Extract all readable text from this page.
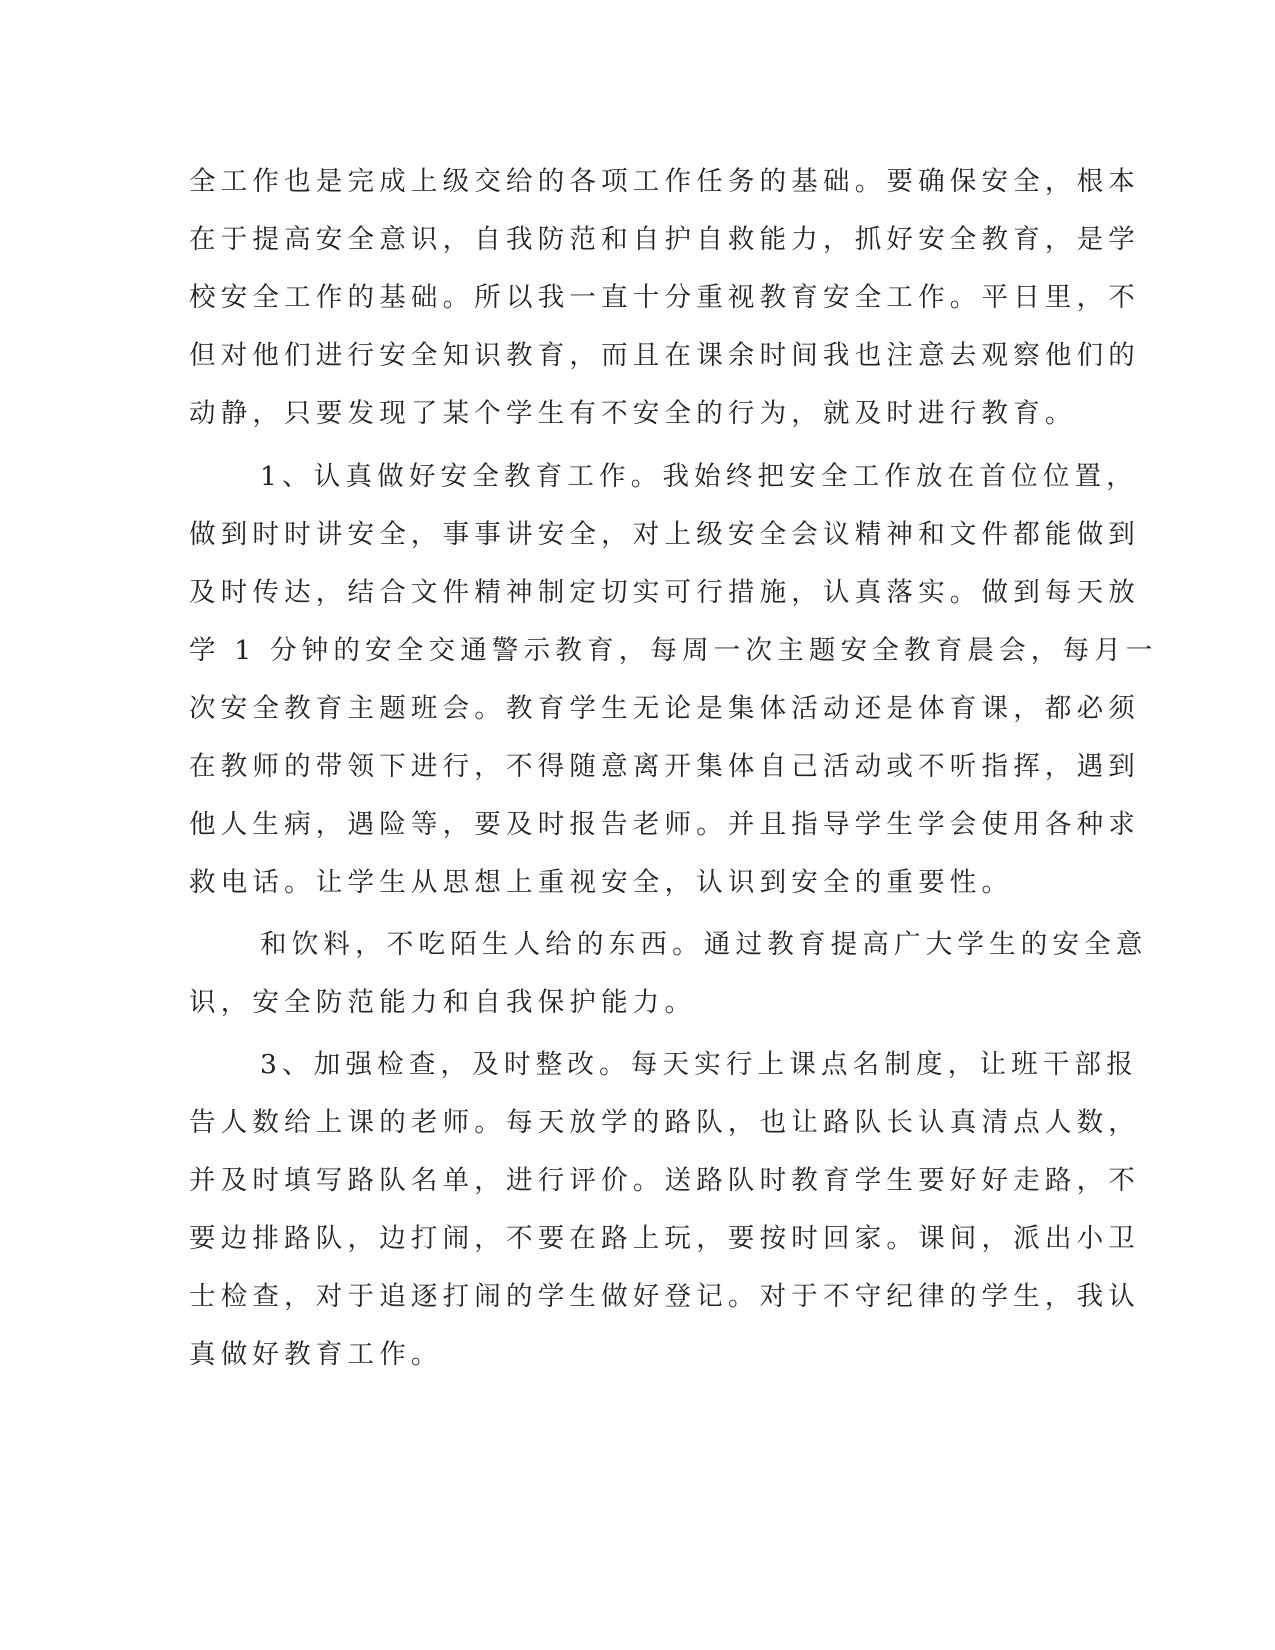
全工作也是完成上级交给的各项工作任务的基础。要确保安全，根本
在于提高安全意识，自我防范和自护自救能力，抓好安全教育，是学
校安全工作的基础。所以我一直十分重视教育安全工作。平日里，不
但对他们进行安全知识教育，而且在课余时间我也注意去观察他们的
动静，只要发现了某个学生有不安全的行为，就及时进行教育。
1、认真做好安全教育工作。我始终把安全工作放在首位位置，
做到时时讲安全，事事讲安全，对上级安全会议精神和文件都能做到
及时传达，结合文件精神制定切实可行措施，认真落实。做到每天放
学 1 分钟的安全交通警示教育，每周一次主题安全教育晨会，每月一
次安全教育主题班会。教育学生无论是集体活动还是体育课，都必须
在教师的带领下进行，不得随意离开集体自己活动或不听指挥，遇到
他人生病，遇险等，要及时报告老师。并且指导学生学会使用各种求
救电话。让学生从思想上重视安全，认识到安全的重要性。
和饮料，不吃陌生人给的东西。通过教育提高广大学生的安全意
识，安全防范能力和自我保护能力。
3、加强检查，及时整改。每天实行上课点名制度，让班干部报
告人数给上课的老师。每天放学的路队，也让路队长认真清点人数，
并及时填写路队名单，进行评价。送路队时教育学生要好好走路，不
要边排路队，边打闹，不要在路上玩，要按时回家。课间，派出小卫
士检查，对于追逐打闹的学生做好登记。对于不守纪律的学生，我认
真做好教育工作。
